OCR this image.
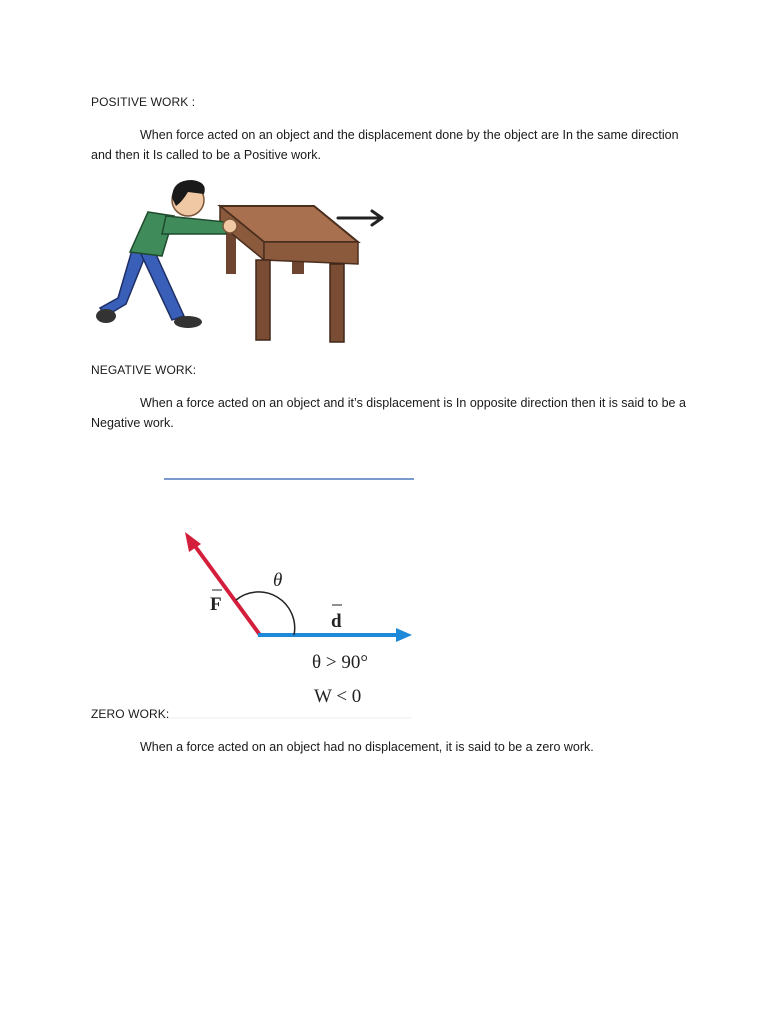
POSITIVE WORK :
When force acted on an object and the displacement done by the object are In the same direction and then it Is called to be a Positive work.
NEGATIVE WORK:
When a force acted on an object and it’s displacement is In opposite direction then it is said to be a Negative work.
θ
F
d
θ > 90°
W < 0
ZERO WORK:
When a force acted on an object had no displacement, it is said to be a zero work.
